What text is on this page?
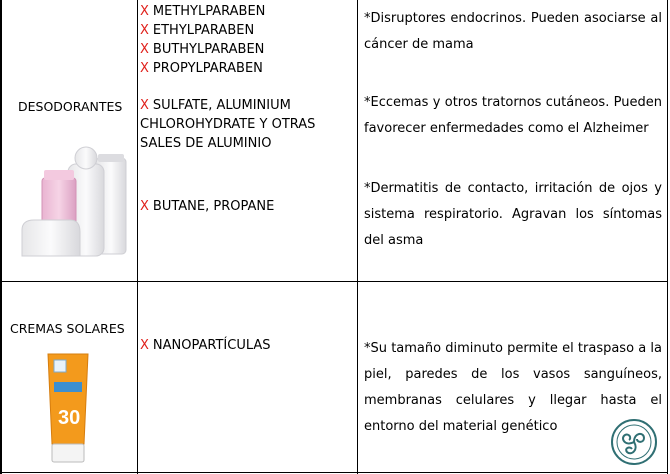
DESODORANTES
X METHYLPARABEN
X ETHYLPARABEN
X BUTHYLPARABEN
X PROPYLPARABEN
X SULFATE, ALUMINIUM CHLOROHYDRATE Y OTRAS SALES DE ALUMINIO
X BUTANE, PROPANE
*Disruptores endocrinos. Pueden asociarse al cáncer de mama
*Eccemas y otros tratornos cutáneos. Pueden favorecer enfermedades como el Alzheimer
*Dermatitis de contacto, irritación de ojos y sistema respiratorio. Agravan los síntomas del asma
CREMAS SOLARES
30
X NANOPARTÍCULAS	*Su tamaño diminuto permite el traspaso a la piel, paredes de los vasos sanguíneos, membranas celulares y llegar hasta el entorno del material genético
